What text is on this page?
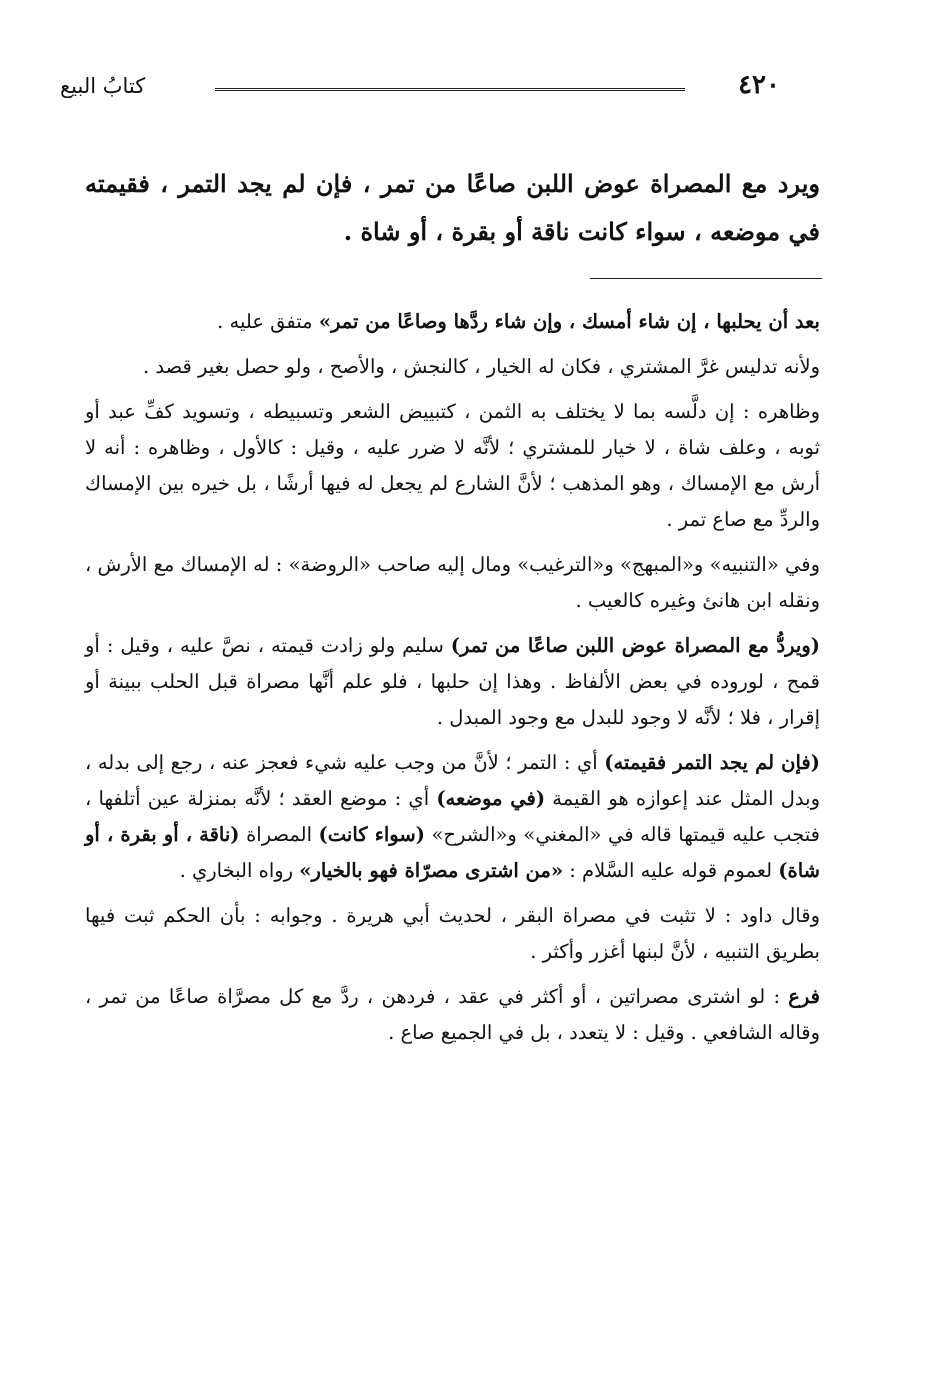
٤٢٠
كتابُ البيع
ويرد مع المصراة عوض اللبن صاعًا من تمر ، فإن لم يجد التمر ، فقيمته في موضعه ، سواء كانت ناقة أو بقرة ، أو شاة .

بعد أن يحلبها ، إن شاء أمسك ، وإن شاء ردَّها وصاعًا من تمر» متفق عليه .

ولأنه تدليس غرَّ المشتري ، فكان له الخيار ، كالنجش ، والأصح ، ولو حصل بغير قصد .

وظاهره : إن دلَّسه بما لا يختلف به الثمن ، كتبييض الشعر وتسبيطه ، وتسويد كفِّ عبد أو ثوبه ، وعلف شاة ، لا خيار للمشتري ؛ لأنَّه لا ضرر عليه ، وقيل : كالأول ، وظاهره : أنه لا أرش مع الإمساك ، وهو المذهب ؛ لأنَّ الشارع لم يجعل له فيها أرشًا ، بل خيره بين الإمساك والردِّ مع صاع تمر .

وفي «التنبيه» و«المبهج» و«الترغيب» ومال إليه صاحب «الروضة» : له الإمساك مع الأرش ، ونقله ابن هانئ وغيره كالعيب .

(ويردُّ مع المصراة عوض اللبن صاعًا من تمر) سليم ولو زادت قيمته ، نصَّ عليه ، وقيل : أو قمح ، لوروده في بعض الألفاظ . وهذا إن حلبها ، فلو علم أنَّها مصراة قبل الحلب ببينة أو إقرار ، فلا ؛ لأنَّه لا وجود للبدل مع وجود المبدل .

(فإن لم يجد التمر فقيمته) أي : التمر ؛ لأنَّ من وجب عليه شيء فعجز عنه ، رجع إلى بدله ، وبدل المثل عند إعوازه هو القيمة (في موضعه) أي : موضع العقد ؛ لأنَّه بمنزلة عين أتلفها ، فتجب عليه قيمتها قاله في «المغني» و«الشرح» (سواء كانت) المصراة (ناقة ، أو بقرة ، أو شاة) لعموم قوله عليه السَّلام : «من اشترى مصرّاة فهو بالخيار» رواه البخاري .

وقال داود : لا تثبت في مصراة البقر ، لحديث أبي هريرة . وجوابه : بأن الحكم ثبت فيها بطريق التنبيه ، لأنَّ لبنها أغزر وأكثر .

فرع : لو اشترى مصراتين ، أو أكثر في عقد ، فردهن ، ردَّ مع كل مصرَّاة صاعًا من تمر ، وقاله الشافعي . وقيل : لا يتعدد ، بل في الجميع صاع .
